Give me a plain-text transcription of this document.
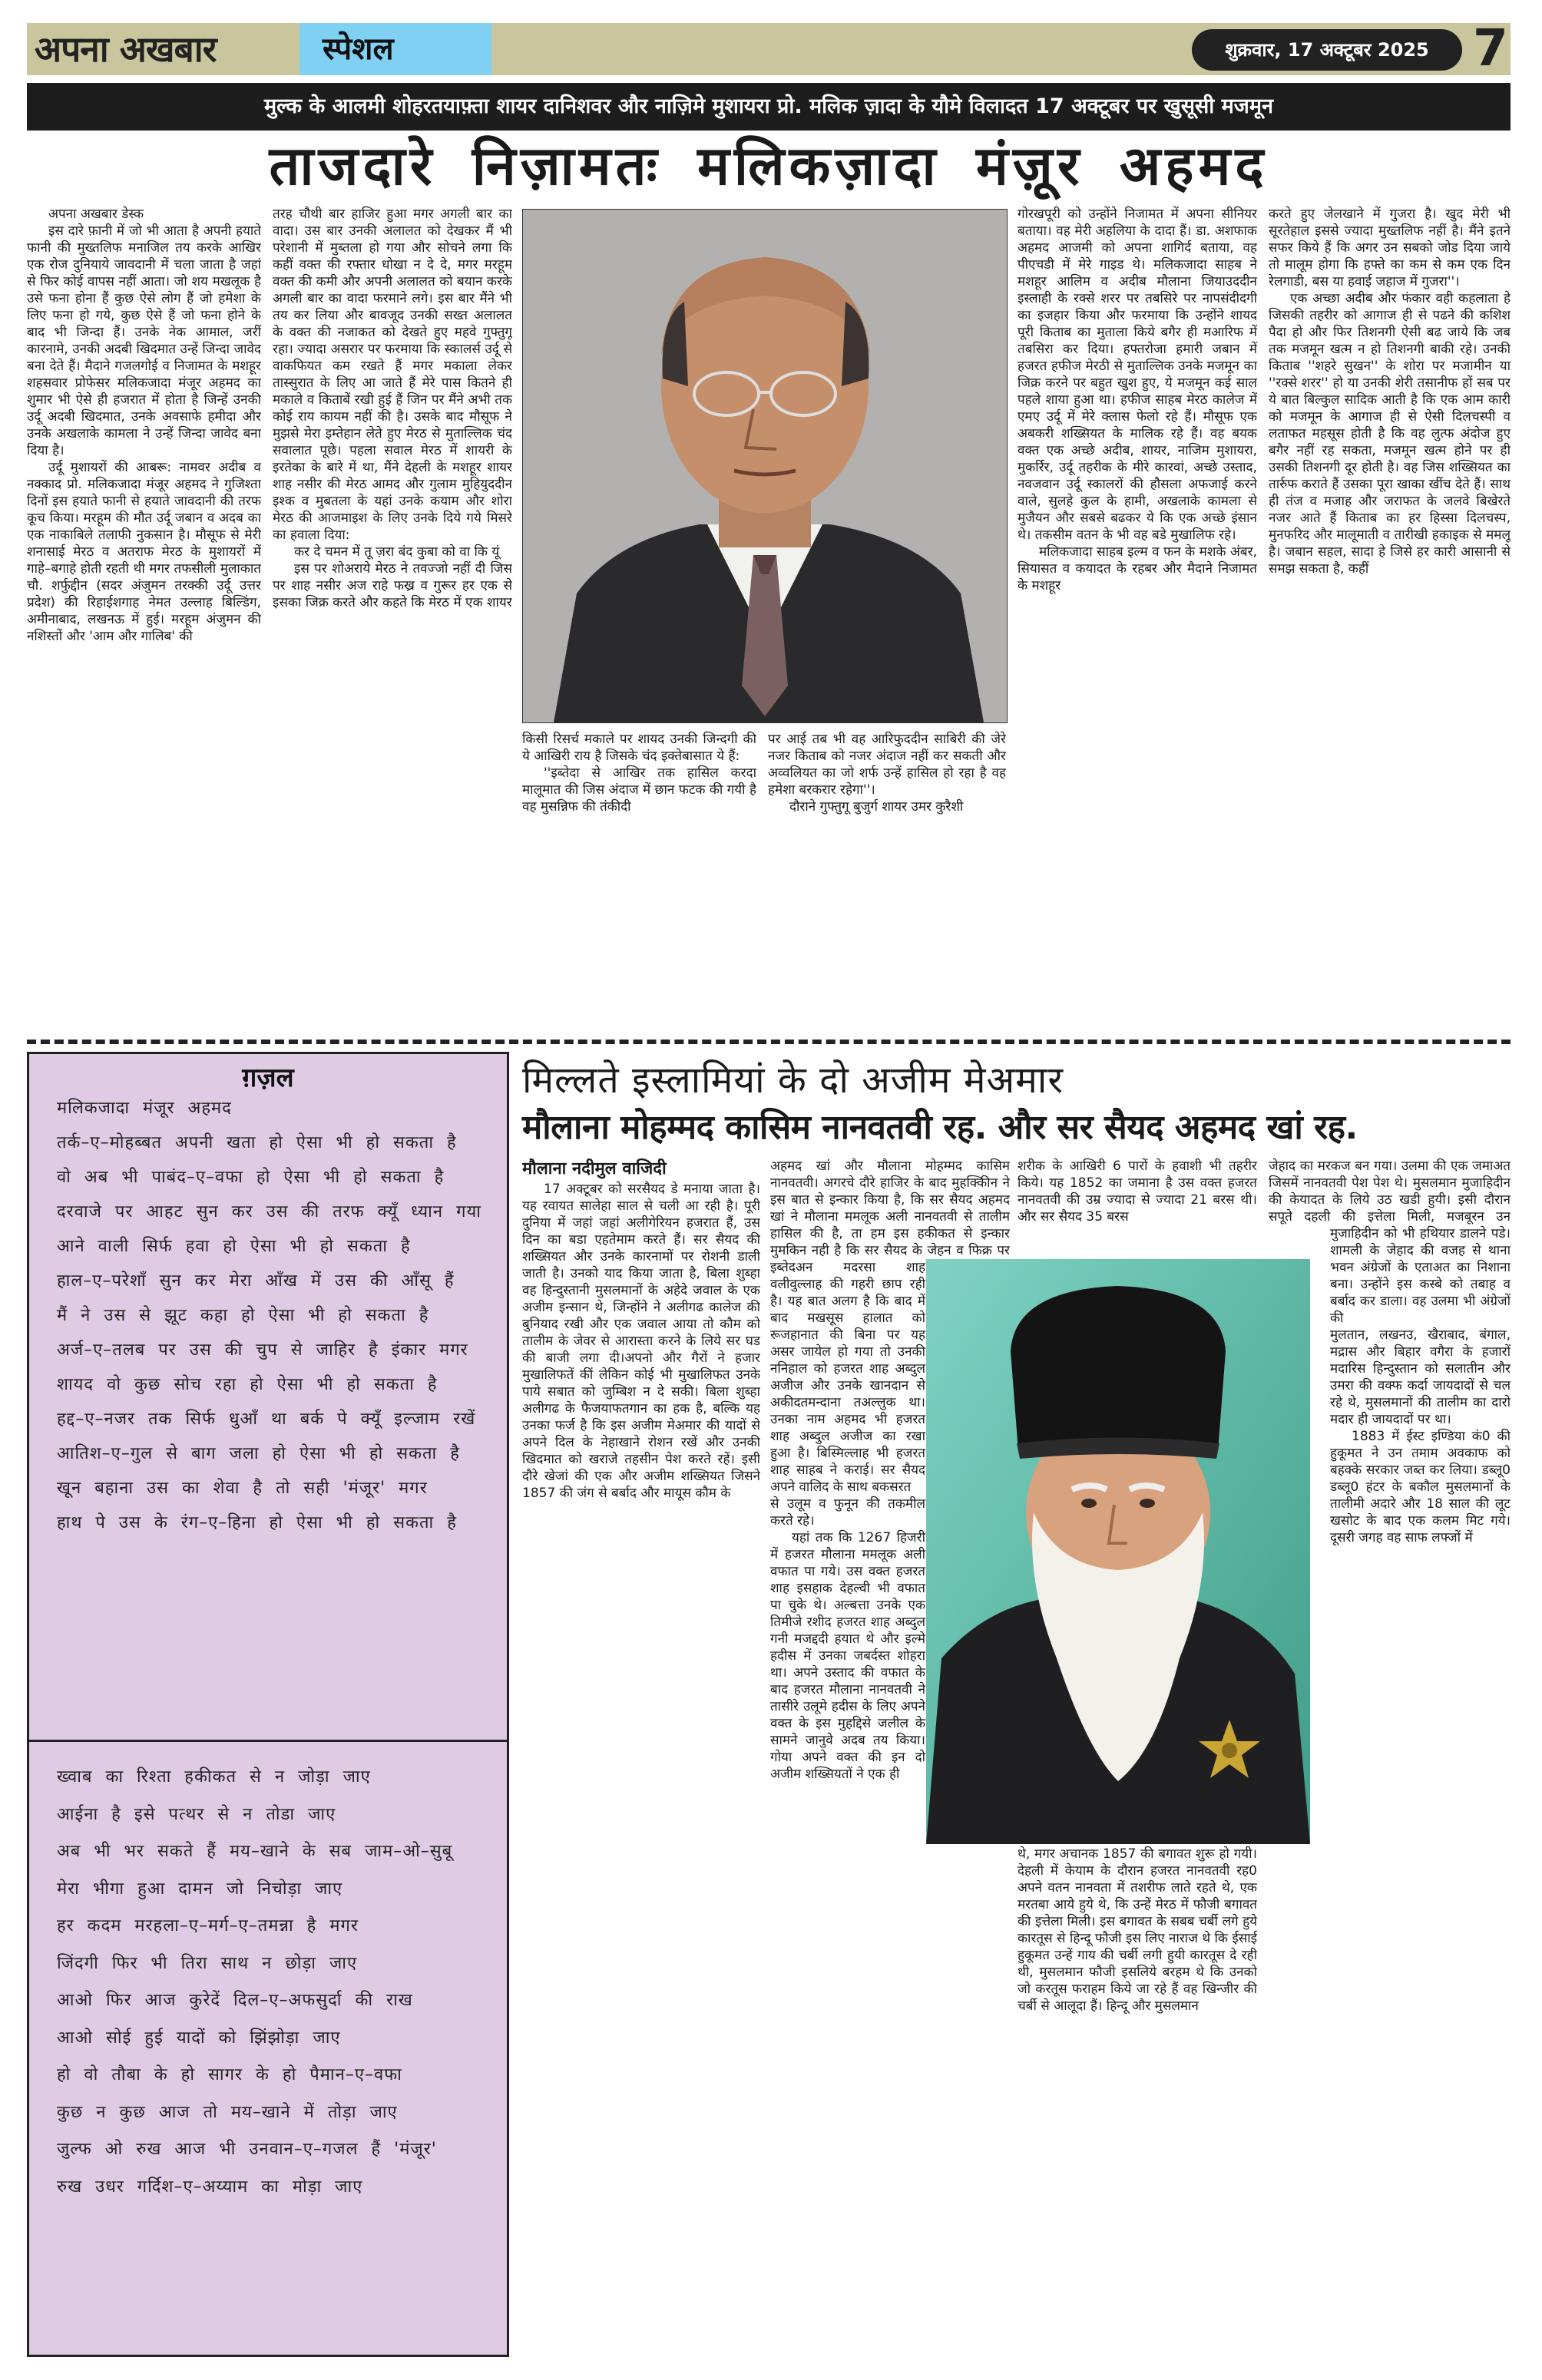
अपना अखबार	स्पेशल	शुक्रवार, 17 अक्टूबर 2025 7
मुल्क के आलमी शोहरतयाफ़्ता शायर दानिशवर और नाज़िमे मुशायरा प्रो. मलिक ज़ादा के यौमे विलादत 17 अक्टूबर पर खुसूसी मजमून
ताजदारे निज़ामतः मलिकज़ादा मंज़ूर अहमद

अपना अखबार डेस्क

इस दारे फ़ानी में जो भी आता है अपनी हयाते फानी की मुख्तलिफ मनाजिल तय करके आखिर एक रोज दुनियाये जावदानी में चला जाता है जहां से फिर कोई वापस नहीं आता। जो शय मखलूक है उसे फना होना हैं कुछ ऐसे लोग हैं जो हमेशा के लिए फना हो गये, कुछ ऐसे हैं जो फना होने के बाद भी जिन्दा हैं। उनके नेक आमाल, जरीं कारनामे, उनकी अदबी खिदमात उन्हें जिन्दा जावेद बना देते हैं। मैदाने गजलगोई व निजामत के मशहूर शहसवार प्रोफेसर मलिकजादा मंजूर अहमद का शुमार भी ऐसे ही हजरात में होता है जिन्हें उनकी उर्दू अदबी खिदमात, उनके अवसाफे हमीदा और उनके अखलाके कामला ने उन्हें जिन्दा जावेद बना दिया है।

उर्दू मुशायरों की आबरू: नामवर अदीब व नक्काद प्रो. मलिकजादा मंजूर अहमद ने गुजिश्ता दिनों इस हयाते फानी से हयाते जावदानी की तरफ कूच किया। मरहूम की मौत उर्दू जबान व अदब का एक नाकाबिले तलाफी नुकसान है। मौसूफ से मेरी शनासाई मेरठ व अतराफ मेरठ के मुशायरों में गाहे–बगाहे होती रहती थी मगर तफसीली मुलाकात चौ. शर्फुद्दीन (सदर अंजुमन तरक्की उर्दू उत्तर प्रदेश) की रिहाईशगाह नेमत उल्लाह बिल्डिंग, अमीनाबाद, लखनऊ में हुई। मरहूम अंजुमन की नशिस्तों और 'आम और गालिब' की

तरह चौथी बार हाजिर हुआ मगर अगली बार का वादा। उस बार उनकी अलालत को देखकर मैं भी परेशानी में मुब्तला हो गया और सोचने लगा कि कहीं वक्त की रफ्तार धोखा न दे दे, मगर मरहूम वक्त की कमी और अपनी अलालत को बयान करके अगली बार का वादा फरमाने लगे। इस बार मैंने भी तय कर लिया और बावजूद उनकी सख्त अलालत के वक्त की नजाकत को देखते हुए महवे गुफ्तुगू रहा। ज्यादा असरार पर फरमाया कि स्कालर्स उर्दू से वाकफियत कम रखते हैं मगर मकाला लेकर तास्सुरात के लिए आ जाते हैं मेरे पास कितने ही मकाले व किताबें रखी हुई हैं जिन पर मैंने अभी तक कोई राय कायम नहीं की है। उसके बाद मौसूफ ने मुझसे मेरा इम्तेहान लेते हुए मेरठ से मुताल्लिक चंद सवालात पूछे। पहला सवाल मेरठ में शायरी के इरतेका के बारे में था, मैंने देहली के मशहूर शायर शाह नसीर की मेरठ आमद और गुलाम मुहियुददीन इश्क व मुबतला के यहां उनके कयाम और शोरा मेरठ की आजमाइश के लिए उनके दिये गये मिसरे का हवाला दिया:

कर दे चमन में तू ज़रा बंद कुबा को वा कि यूं

इस पर शोअराये मेरठ ने तवज्जो नहीं दी जिस पर शाह नसीर अज राहे फख्र व गुरूर हर एक से इसका जिक्र करते और कहते कि मेरठ में एक शायर

किसी रिसर्च मकाले पर शायद उनकी जिन्दगी की ये आखिरी राय है जिसके चंद इक्तेबासात ये हैं:

''इब्तेदा से आखिर तक हासिल करदा मालूमात की जिस अंदाज में छान फटक की गयी है वह मुसन्निफ की तंकीदी

पर आई तब भी वह आरिफुददीन साबिरी की जेरे नजर किताब को नजर अंदाज नहीं कर सकती और अव्वलियत का जो शर्फ उन्हें हासिल हो रहा है वह हमेशा बरकरार रहेगा''।

दौराने गुफ्तुगू बुजुर्ग शायर उमर कुरैशी

गोरखपूरी को उन्होंने निजामत में अपना सीनियर बताया। वह मेरी अहलिया के दादा हैं। डा. अशफाक अहमद आजमी को अपना शागिर्द बताया, वह पीएचडी में मेरे गाइड थे। मलिकजादा साहब ने मशहूर आलिम व अदीब मौलाना जियाउददीन इस्लाही के रक्से शरर पर तबसिरे पर नापसंदीदगी का इजहार किया और फरमाया कि उन्होंने शायद पूरी किताब का मुताला किये बगैर ही मआरिफ में तबसिरा कर दिया। हफ्तरोजा हमारी जबान में हजरत हफीज मेरठी से मुताल्लिक उनके मजमून का जिक्र करने पर बहुत खुश हुए, ये मजमून कई साल पहले शाया हुआ था। हफीज साहब मेरठ कालेज में एमए उर्दू में मेरे क्लास फेलो रहे हैं। मौसूफ एक अबकरी शख्सियत के मालिक रहे हैं। वह बयक वक्त एक अच्छे अदीब, शायर, नाजिम मुशायरा, मुकर्रिर, उर्दू तहरीक के मीरे कारवां, अच्छे उस्ताद, नवजवान उर्दू स्कालरों की हौसला अफजाई करने वाले, सुलहे कुल के हामी, अखलाके कामला से मुजैयन और सबसे बढकर ये कि एक अच्छे इंसान थे। तकसीम वतन के भी वह बडे मुखालिफ रहे।

मलिकजादा साहब इल्म व फन के मशके अंबर, सियासत व कयादत के रहबर और मैदाने निजामत के मशहूर

करते हुए जेलखाने में गुजरा है। खुद मेरी भी सूरतेहाल इससे ज्यादा मुख्तलिफ नहीं है। मैंने इतने सफर किये हैं कि अगर उन सबको जोड दिया जाये तो मालूम होगा कि हफ्ते का कम से कम एक दिन रेलगाडी, बस या हवाई जहाज में गुजरा''।

एक अच्छा अदीब और फंकार वही कहलाता हे जिसकी तहरीर को आगाज ही से पढने की कशिश पैदा हो और फिर तिशनगी ऐसी बढ जाये कि जब तक मजमून खत्म न हो तिशनगी बाकी रहे। उनकी किताब ''शहरे सुखन'' के शोरा पर मजामीन या ''रक्से शरर'' हो या उनकी शेरी तसानीफ हों सब पर ये बात बिल्कुल सादिक आती है कि एक आम कारी को मजमून के आगाज ही से ऐसी दिलचस्पी व लताफत महसूस होती है कि वह लुत्फ अंदोज हुए बगैर नहीं रह सकता, मजमून खत्म होने पर ही उसकी तिशनगी दूर होती है। वह जिस शख्सियत का तार्रुफ कराते हैं उसका पूरा खाका खींच देते हैं। साथ ही तंज व मजाह और जराफत के जलवे बिखेरते नजर आते हैं किताब का हर हिस्सा दिलचस्प, मुनफरिद और मालूमाती व तारीखी हकाइक से ममलू है। जबान सहल, सादा हे जिसे हर कारी आसानी से समझ सकता है, कहीं

ग़ज़ल
मलिकजादा मंजूर अहमद
तर्क–ए–मोहब्बत अपनी खता हो ऐसा भी हो सकता है
वो अब भी पाबंद–ए–वफा हो ऐसा भी हो सकता है
दरवाजे पर आहट सुन कर उस की तरफ क्यूँ ध्यान गया
आने वाली सिर्फ हवा हो ऐसा भी हो सकता है
हाल–ए–परेशाँ सुन कर मेरा आँख में उस की आँसू हैं
मैं ने उस से झूट कहा हो ऐसा भी हो सकता है
अर्ज–ए–तलब पर उस की चुप से जाहिर है इंकार मगर
शायद वो कुछ सोच रहा हो ऐसा भी हो सकता है
हद्द–ए–नजर तक सिर्फ धुआँ था बर्क पे क्यूँ इल्जाम रखें
आतिश–ए–गुल से बाग जला हो ऐसा भी हो सकता है
खून बहाना उस का शेवा है तो सही 'मंजूर' मगर
हाथ पे उस के रंग–ए–हिना हो ऐसा भी हो सकता है
ख्वाब का रिश्ता हकीकत से न जोड़ा जाए
आईना है इसे पत्थर से न तोडा जाए
अब भी भर सकते हैं मय–खाने के सब जाम–ओ–सुबू
मेरा भीगा हुआ दामन जो निचोड़ा जाए
हर कदम मरहला–ए–मर्ग–ए–तमन्ना है मगर
जिंदगी फिर भी तिरा साथ न छोड़ा जाए
आओ फिर आज कुरेदें दिल–ए–अफसुर्दा की राख
आओ सोई हुई यादों को झिंझोड़ा जाए
हो वो तौबा के हो सागर के हो पैमान–ए–वफा
कुछ न कुछ आज तो मय–खाने में तोड़ा जाए
जुल्फ ओ रुख आज भी उनवान–ए–गजल हैं 'मंजूर'
रुख उधर गर्दिश–ए–अय्याम का मोड़ा जाए
मिल्लते इस्लामियां के दो अजीम मेअमार
मौलाना मोहम्मद कासिम नानवतवी रह. और सर सैयद अहमद खां रह.

मौलाना नदीमुल वाजिदी

17 अक्टूबर को सरसैयद डे मनाया जाता है। यह रवायत सालेहा साल से चली आ रही है। पूरी दुनिया में जहां जहां अलीगेरियन हजरात हैं, उस दिन का बडा एहतेमाम करते हैं। सर सैयद की शख्सियत और उनके कारनामों पर रोशनी डाली जाती है। उनको याद किया जाता है, बिला शुब्हा वह हिन्दुस्तानी मुसलमानों के अहेदे जवाल के एक अजीम इन्सान थे, जिन्होंने ने अलीगढ कालेज की बुनियाद रखी और एक जवाल आया तो कौम को तालीम के जेवर से आरास्ता करने के लिये सर घड की बाजी लगा दी।अपनो और गैरों ने हजार मुखालिफतें कीं लेकिन कोई भी मुखालिफत उनके पाये सबात को जुम्बिश न दे सकी। बिला शुब्हा अलीगढ के फैजयाफतगान का हक है, बल्कि यह उनका फर्ज है कि इस अजीम मेअमार की यादों से अपने दिल के नेहाखाने रोशन रखें और उनकी खिदमात को खराजे तहसीन पेश करते रहें। इसी दौरे खेजां की एक और अजीम शख्सियत जिसने 1857 की जंग से बर्बाद और मायूस कौम के

अहमद खां और मौलाना मोहम्मद कासिम नानवतवी। अगरचे दौरे हाजिर के बाद मुहक्किीन ने इस बात से इन्कार किया है, कि सर सैयद अहमद खां ने मौलाना ममलूक अली नानवतवी से तालीम हासिल की है, ता हम इस हकीकत से इन्कार मुमकिन नही है कि सर सैयद के जेहन व फिक्र पर इब्तेदअन मदरसा शाह वलीवुल्लाह की गहरी छाप रही है। यह बात अलग है कि बाद में बाद मखसूस हालात को रूजहानात की बिना पर यह असर जायेल हो गया तो उनकी ननिहाल को हजरत शाह अब्दुल अजीज और उनके खानदान से अकीदतमन्दाना तअल्लुक था। उनका नाम अहमद भी हजरत शाह अब्दुल अजीज का रखा हुआ है। बिस्मिल्लाह भी हजरत शाह साहब ने कराई। सर सैयद अपने वालिद के साथ बकसरत

से उलूम व फुनून की तकमील करते रहे।

यहां तक कि 1267 हिजरी में हजरत मौलाना ममलूक अली वफात पा गये। उस वक्त हजरत शाह इसहाक देहल्वी भी वफात पा चुके थे। अल्बत्ता उनके एक तिमीजे रशीद हजरत शाह अब्दुल गनी मजद्ददी हयात थे और इल्मे हदीस में उनका जबर्दस्त शोहरा था। अपने उस्ताद की वफात के बाद हजरत मौलाना नानवतवी ने तासीरे उलूमे हदीस के लिए अपने वक्त के इस मुहद्दिसे जलील के सामने जानुवे अदब तय किया। गोया अपने वक्त की इन दो अजीम शख्सियतों ने एक ही

शरीक के आखिरी 6 पारों के हवाशी भी तहरीर किये। यह 1852 का जमाना है उस वक्त हजरत नानवतवी की उम्र ज्यादा से ज्यादा 21 बरस थी। और सर सैयद 35 बरस

थे, मगर अचानक 1857 की बगावत शुरू हो गयी। देहली में केयाम के दौरान हजरत नानवतवी रह0 अपने वतन नानवता में तशरीफ लाते रहते थे, एक मरतबा आये हुये थे, कि उन्हें मेरठ में फौजी बगावत की इत्तेला मिली। इस बगावत के सबब चर्बी लगे हुये कारतूस से हिन्दू फौजी इस लिए नाराज थे कि ईसाई हुकूमत उन्हें गाय की चर्बी लगी हुयी कारतूस दे रही थी, मुसलमान फौजी इसलिये बरहम थे कि उनको जो करतूस फराहम किये जा रहे हैं वह खिन्जीर की चर्बी से आलूदा हैं। हिन्दू और मुसलमान

जेहाद का मरकज बन गया। उलमा की एक जमाअत जिसमें नानवतवी पेश पेश थे। मुसलमान मुजाहिदीन की केयादत के लिये उठ खडी हुयी। इसी दौरान सपूते दहली की इत्तेला मिली, मजबूरन उन मुजाहिदीन को भी हथियार डालने पडे। शामली के जेहाद की वजह से थाना भवन अंग्रेजों के एताअत का निशाना बना। उन्होंने इस कस्बे को तबाह व बर्बाद कर डाला। वह उलमा भी अंग्रेजों की

मुलतान, लखनउ, खैराबाद, बंगाल, मद्रास और बिहार वगैरा के हजारों मदारिस हिन्दुस्तान को सलातीन और उमरा की वक्फ कर्दा जायदादों से चल रहे थे, मुसलमानों की तालीम का दारो मदार ही जायदादों पर था।

1883 में ईस्ट इण्डिया कं0 की हुकूमत ने उन तमाम अवकाफ को बहक्के सरकार जब्त कर लिया। डब्लू0 डब्लू0 हंटर के बकौल मुसलमानों के तालीमी अदारे और 18 साल की लूट खसोट के बाद एक कलम मिट गये। दूसरी जगह वह साफ लफ्जों में
